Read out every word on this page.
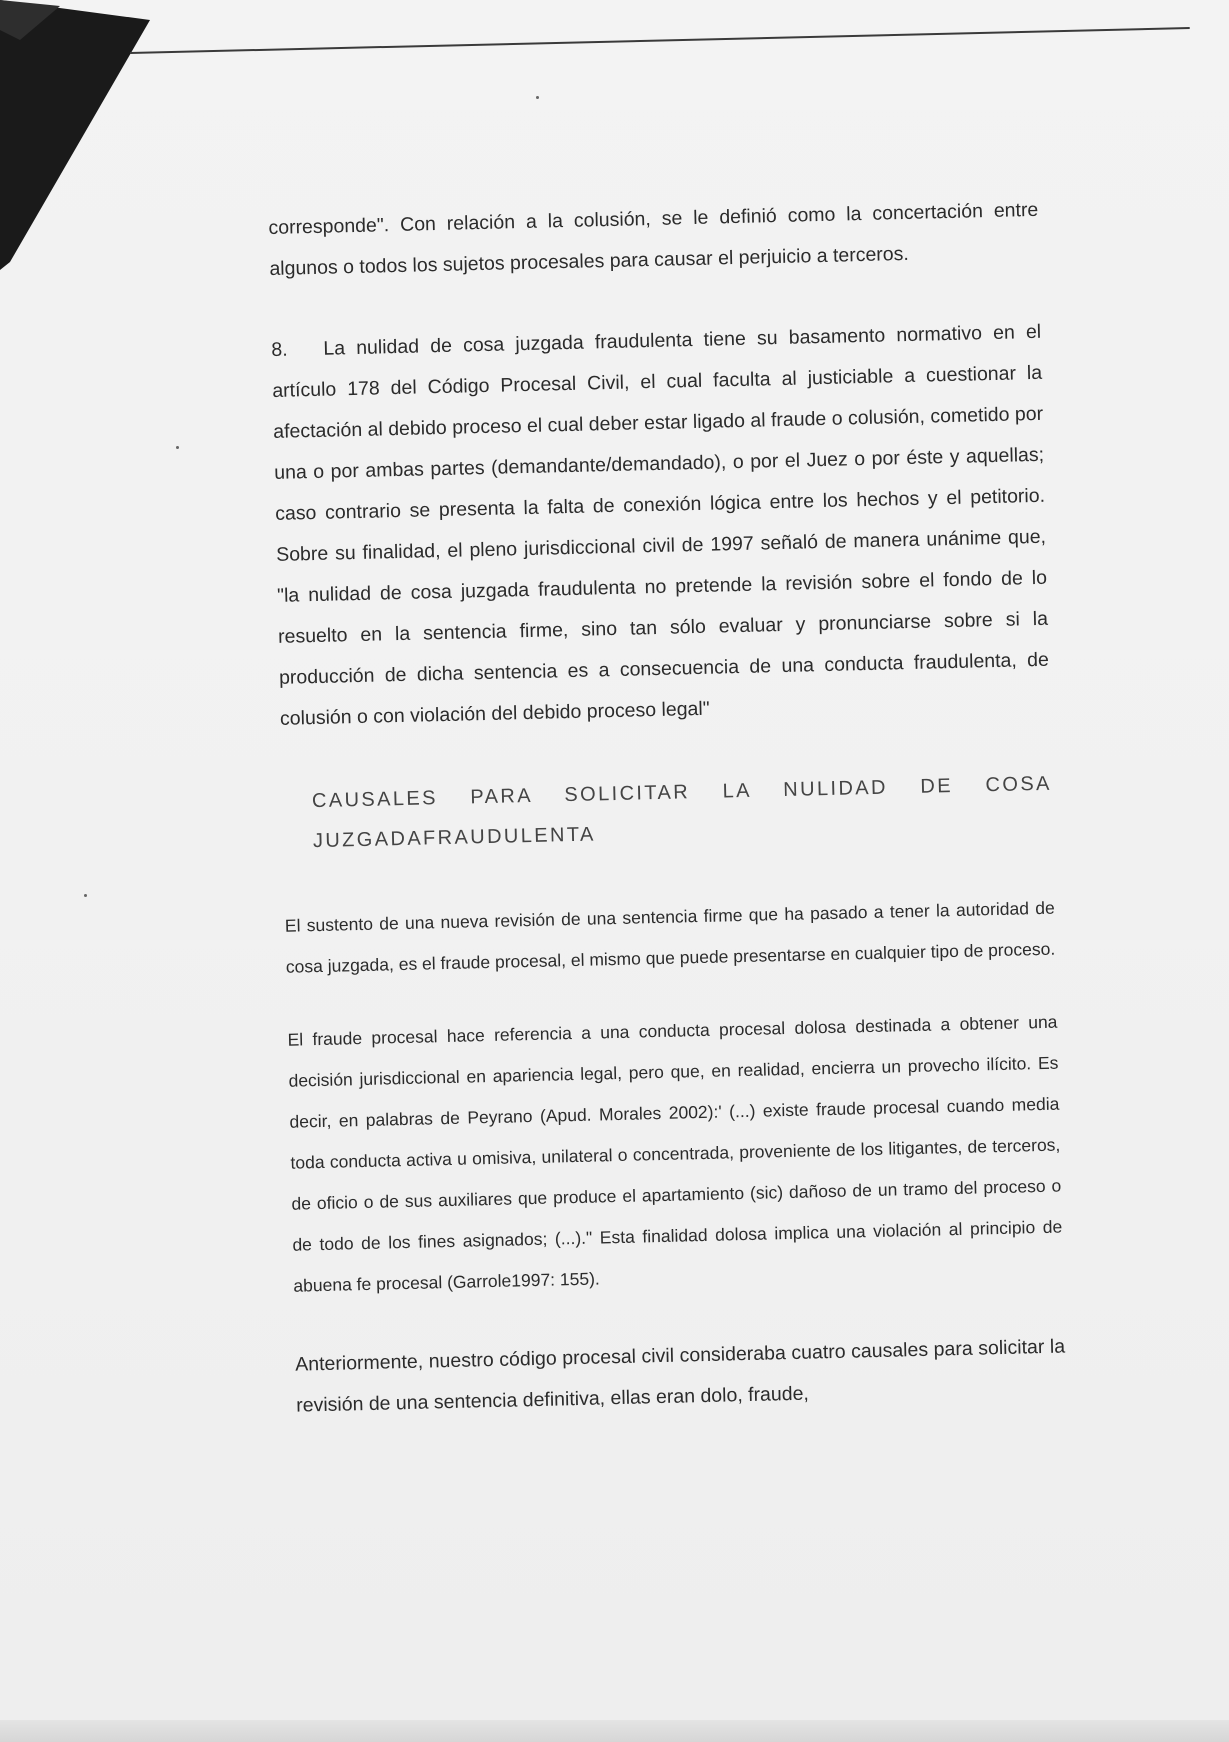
corresponde". Con relación a la colusión, se le definió como la concertación entre algunos o todos los sujetos procesales para causar el perjuicio a terceros.

8. La nulidad de cosa juzgada fraudulenta tiene su basamento normativo en el artículo 178 del Código Procesal Civil, el cual faculta al justiciable a cuestionar la afectación al debido proceso el cual deber estar ligado al fraude o colusión, cometido por una o por ambas partes (demandante/demandado), o por el Juez o por éste y aquellas; caso contrario se presenta la falta de conexión lógica entre los hechos y el petitorio. Sobre su finalidad, el pleno jurisdiccional civil de 1997 señaló de manera unánime que, "la nulidad de cosa juzgada fraudulenta no pretende la revisión sobre el fondo de lo resuelto en la sentencia firme, sino tan sólo evaluar y pronunciarse sobre si la producción de dicha sentencia es a consecuencia de una conducta fraudulenta, de colusión o con violación del debido proceso legal"

CAUSALES PARA SOLICITAR LA NULIDAD DE COSA JUZGADAFRAUDULENTA

El sustento de una nueva revisión de una sentencia firme que ha pasado a tener la autoridad de cosa juzgada, es el fraude procesal, el mismo que puede presentarse en cualquier tipo de proceso.

El fraude procesal hace referencia a una conducta procesal dolosa destinada a obtener una decisión jurisdiccional en apariencia legal, pero que, en realidad, encierra un provecho ilícito. Es decir, en palabras de Peyrano (Apud. Morales 2002):' (...) existe fraude procesal cuando media toda conducta activa u omisiva, unilateral o concentrada, proveniente de los litigantes, de terceros, de oficio o de sus auxiliares que produce el apartamiento (sic) dañoso de un tramo del proceso o de todo de los fines asignados; (...)." Esta finalidad dolosa implica una violación al principio de abuena fe procesal (Garrole1997: 155).

Anteriormente, nuestro código procesal civil consideraba cuatro causales para solicitar la revisión de una sentencia definitiva, ellas eran dolo, fraude,
